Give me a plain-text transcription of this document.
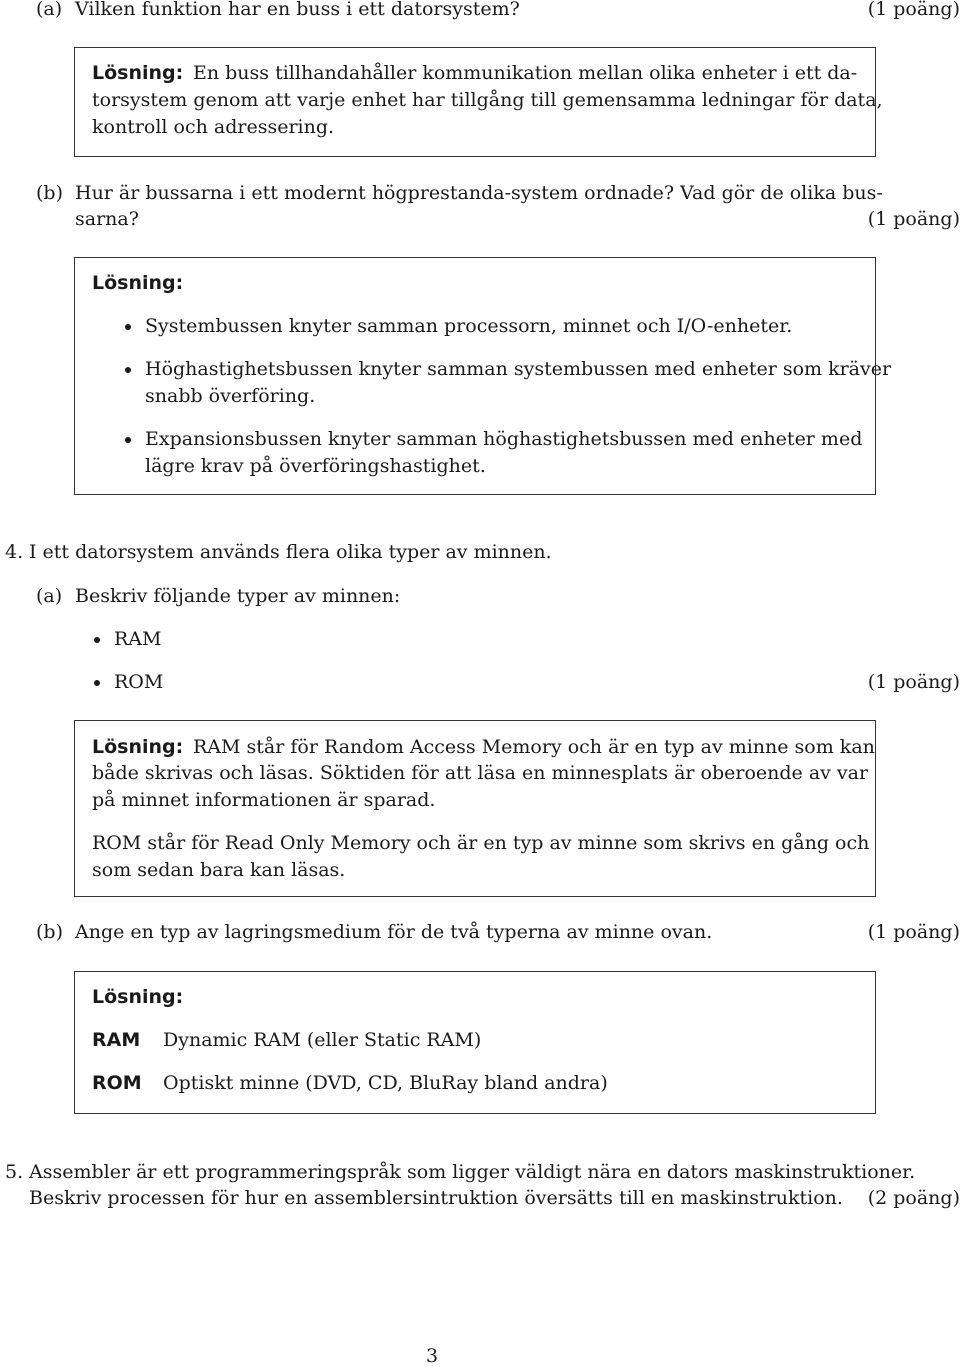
(a) Vilken funktion har en buss i ett datorsystem?	(1 poäng)
Lösning: En buss tillhandahåller kommunikation mellan olika enheter i ett da-
torsystem genom att varje enhet har tillgång till gemensamma ledningar för data,
kontroll och adressering.
(b) Hur är bussarna i ett modernt högprestanda-system ordnade? Vad gör de olika bus-
sarna?	(1 poäng)
Lösning:
Systembussen knyter samman processorn, minnet och I/O-enheter.
Höghastighetsbussen knyter samman systembussen med enheter som kräver
snabb överföring.
Expansionsbussen knyter samman höghastighetsbussen med enheter med
lägre krav på överföringshastighet.
4. I ett datorsystem används flera olika typer av minnen.
(a) Beskriv följande typer av minnen:
RAM
ROM	(1 poäng)
Lösning: RAM står för Random Access Memory och är en typ av minne som kan
både skrivas och läsas. Söktiden för att läsa en minnesplats är oberoende av var
på minnet informationen är sparad.
ROM står för Read Only Memory och är en typ av minne som skrivs en gång och
som sedan bara kan läsas.
(b) Ange en typ av lagringsmedium för de två typerna av minne ovan.	(1 poäng)
Lösning:
RAM Dynamic RAM (eller Static RAM)
ROM Optiskt minne (DVD, CD, BluRay bland andra)
5. Assembler är ett programmeringspråk som ligger väldigt nära en dators maskinstruktioner.
Beskriv processen för hur en assemblersintruktion översätts till en maskinstruktion. (2 poäng)
3
